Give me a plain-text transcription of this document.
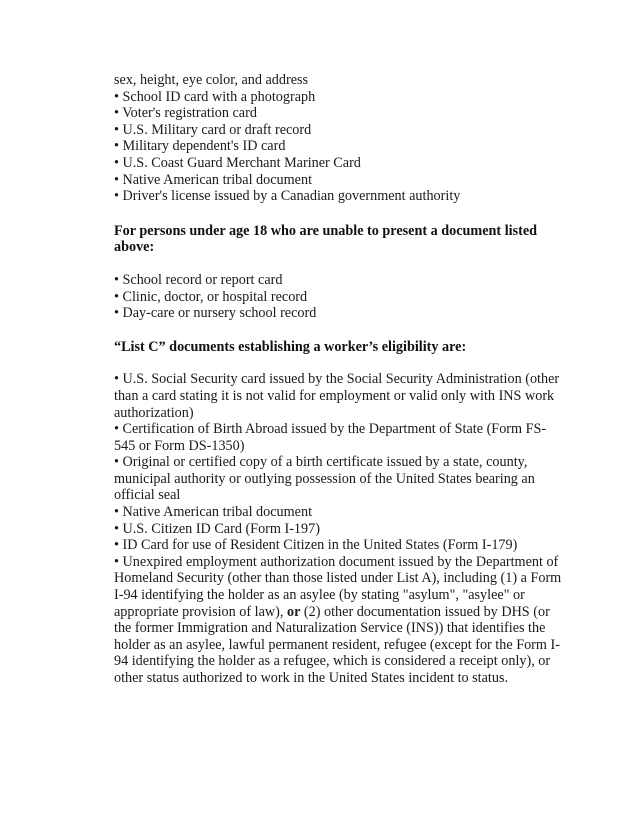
sex, height, eye color, and address
• School ID card with a photograph
• Voter's registration card
• U.S. Military card or draft record
• Military dependent's ID card
• U.S. Coast Guard Merchant Mariner Card
• Native American tribal document
• Driver's license issued by a Canadian government authority
For persons under age 18 who are unable to present a document listed
above:
• School record or report card
• Clinic, doctor, or hospital record
• Day-care or nursery school record
“List C” documents establishing a worker’s eligibility are:
• U.S. Social Security card issued by the Social Security Administration (other
than a card stating it is not valid for employment or valid only with INS work
authorization)
• Certification of Birth Abroad issued by the Department of State (Form FS-
545 or Form DS-1350)
• Original or certified copy of a birth certificate issued by a state, county,
municipal authority or outlying possession of the United States bearing an
official seal
• Native American tribal document
• U.S. Citizen ID Card (Form I-197)
• ID Card for use of Resident Citizen in the United States (Form I-179)
• Unexpired employment authorization document issued by the Department of
Homeland Security (other than those listed under List A), including (1) a Form
I-94 identifying the holder as an asylee (by stating "asylum", "asylee" or
appropriate provision of law), or (2) other documentation issued by DHS (or
the former Immigration and Naturalization Service (INS)) that identifies the
holder as an asylee, lawful permanent resident, refugee (except for the Form I-
94 identifying the holder as a refugee, which is considered a receipt only), or
other status authorized to work in the United States incident to status.
